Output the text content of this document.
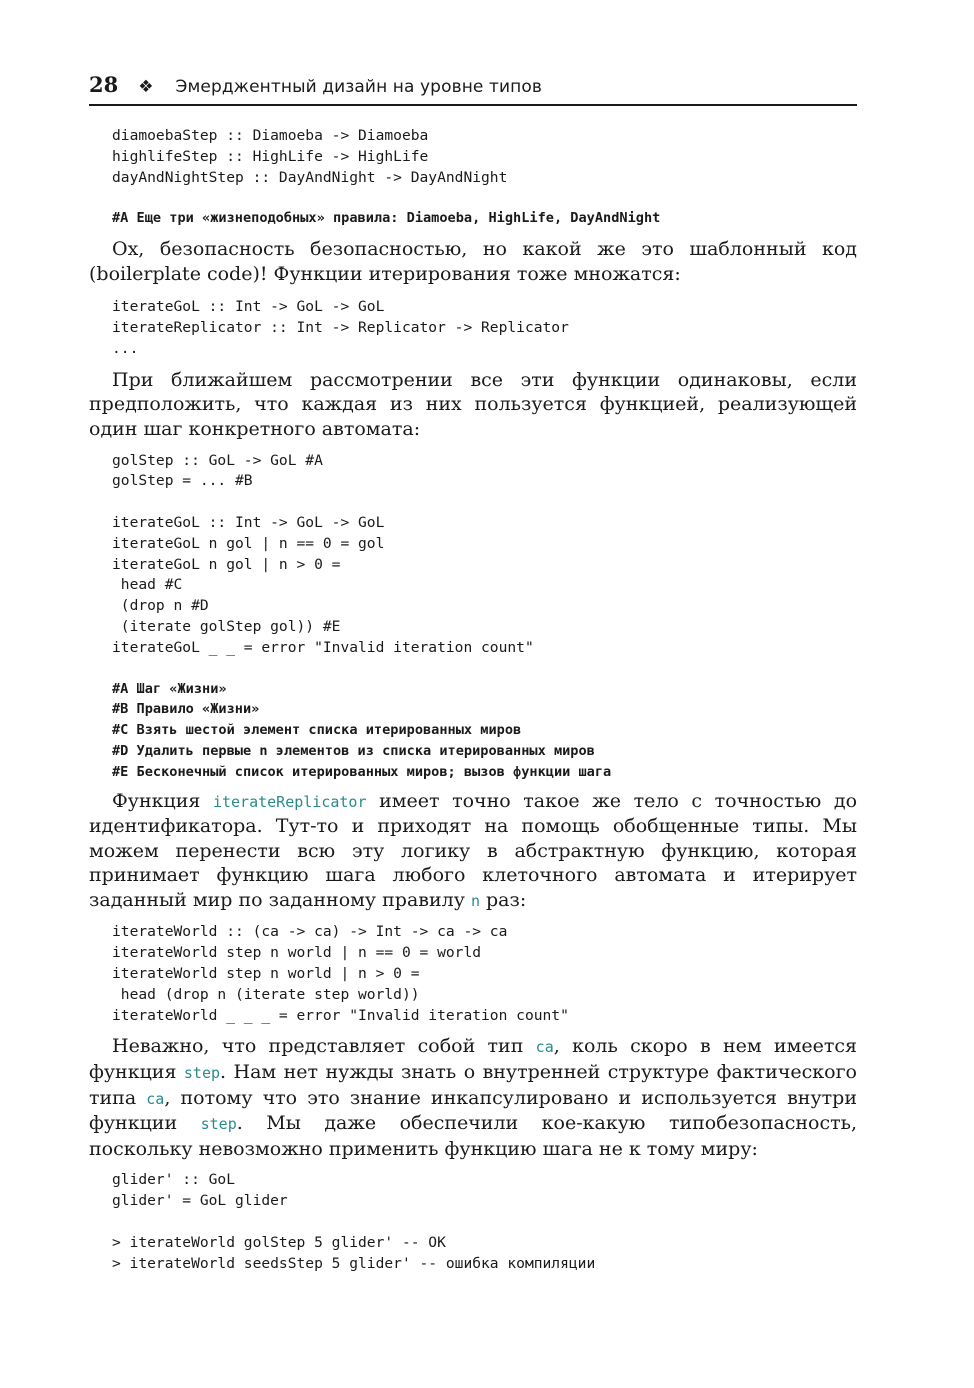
28 ❖ Эмерджентный дизайн на уровне типов
diamoebaStep :: Diamoeba -> Diamoeba
highlifeStep :: HighLife -> HighLife
dayAndNightStep :: DayAndNight -> DayAndNight
#A Еще три «жизнеподобных» правила: Diamoeba, HighLife, DayAndNight

Ох, безопасность безопасностью, но какой же это шаблонный код (boilerplate code)! Функции итерирования тоже множатся:

iterateGoL :: Int -> GoL -> GoL
iterateReplicator :: Int -> Replicator -> Replicator
...

При ближайшем рассмотрении все эти функции одинаковы, если предположить, что каждая из них пользуется функцией, реализующей один шаг конкретного автомата:

golStep :: GoL -> GoL #A
golStep = ... #B

iterateGoL :: Int -> GoL -> GoL
iterateGoL n gol | n == 0 = gol
iterateGoL n gol | n > 0 =
head #C
(drop n #D
(iterate golStep gol)) #E
iterateGoL _ _ = error "Invalid iteration count"
#A Шаг «Жизни»
#B Правило «Жизни»
#C Взять шестой элемент списка итерированных миров
#D Удалить первые n элементов из списка итерированных миров
#E Бесконечный список итерированных миров; вызов функции шага

Функция iterateReplicator имеет точно такое же тело с точностью до идентификатора. Тут-то и приходят на помощь обобщенные типы. Мы можем перенести всю эту логику в абстрактную функцию, которая принимает функцию шага любого клеточного автомата и итерирует заданный мир по заданному правилу n раз:

iterateWorld :: (ca -> ca) -> Int -> ca -> ca
iterateWorld step n world | n == 0 = world
iterateWorld step n world | n > 0 =
head (drop n (iterate step world))
iterateWorld _ _ _ = error "Invalid iteration count"

Неважно, что представляет собой тип ca, коль скоро в нем имеется функция step. Нам нет нужды знать о внутренней структуре фактического типа ca, потому что это знание инкапсулировано и используется внутри функции step. Мы даже обеспечили кое-какую типобезопасность, поскольку невозможно применить функцию шага не к тому миру:

glider' :: GoL
glider' = GoL glider

> iterateWorld golStep 5 glider' -- OK
> iterateWorld seedsStep 5 glider' -- ошибка компиляции
